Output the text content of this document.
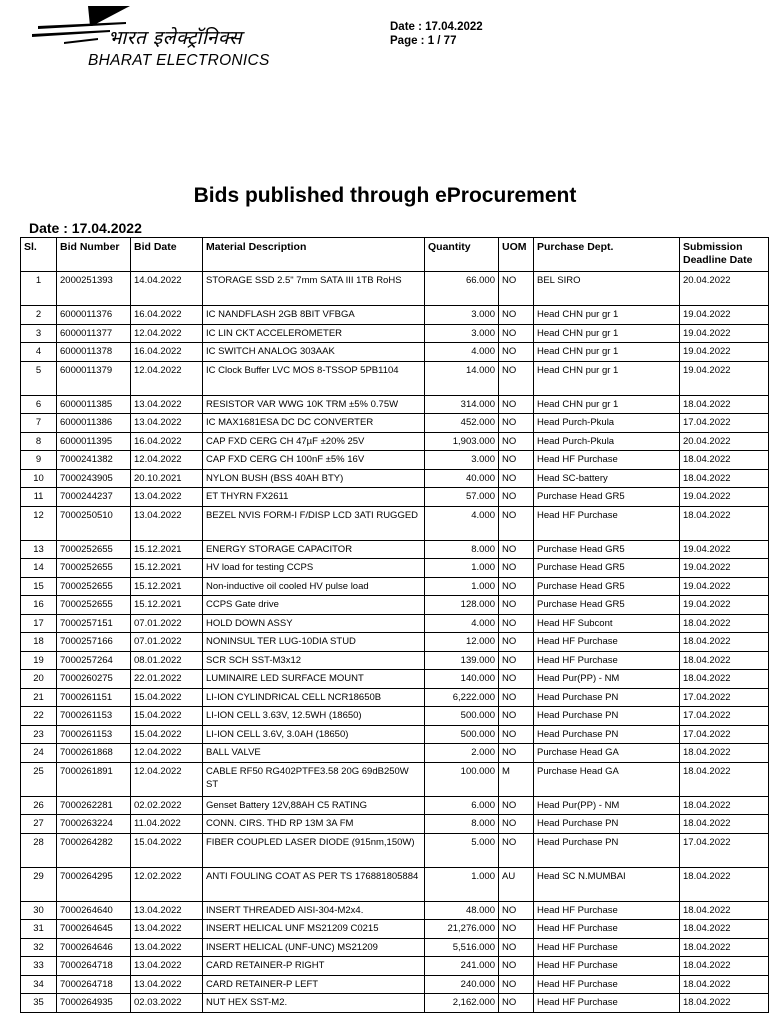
भारत इलेक्ट्रॉनिक्स
BHARAT ELECTRONICS
Date : 17.04.2022
Page : 1 / 77
Bids published through eProcurement
Date : 17.04.2022
Sl.	Bid Number	Bid Date	Material Description	Quantity	UOM	Purchase Dept.	Submission Deadline Date
1	2000251393	14.04.2022	STORAGE SSD 2.5" 7mm SATA III 1TB RoHS	66.000	NO	BEL SIRO	20.04.2022
2	6000011376	16.04.2022	IC NANDFLASH 2GB 8BIT VFBGA	3.000	NO	Head CHN pur gr 1	19.04.2022
3	6000011377	12.04.2022	IC LIN CKT ACCELEROMETER	3.000	NO	Head CHN pur gr 1	19.04.2022
4	6000011378	16.04.2022	IC SWITCH ANALOG 303AAK	4.000	NO	Head CHN pur gr 1	19.04.2022
5	6000011379	12.04.2022	IC Clock Buffer LVC MOS 8-TSSOP 5PB1104	14.000	NO	Head CHN pur gr 1	19.04.2022
6	6000011385	13.04.2022	RESISTOR VAR WWG 10K TRM ±5% 0.75W	314.000	NO	Head CHN pur gr 1	18.04.2022
7	6000011386	13.04.2022	IC MAX1681ESA DC DC CONVERTER	452.000	NO	Head Purch-Pkula	17.04.2022
8	6000011395	16.04.2022	CAP FXD CERG CH 47µF ±20% 25V	1,903.000	NO	Head Purch-Pkula	20.04.2022
9	7000241382	12.04.2022	CAP FXD CERG CH 100nF ±5% 16V	3.000	NO	Head HF Purchase	18.04.2022
10	7000243905	20.10.2021	NYLON BUSH (BSS 40AH BTY)	40.000	NO	Head SC-battery	18.04.2022
11	7000244237	13.04.2022	ET THYRN FX2611	57.000	NO	Purchase Head GR5	19.04.2022
12	7000250510	13.04.2022	BEZEL NVIS FORM-I F/DISP LCD 3ATI RUGGED	4.000	NO	Head HF Purchase	18.04.2022
13	7000252655	15.12.2021	ENERGY STORAGE CAPACITOR	8.000	NO	Purchase Head GR5	19.04.2022
14	7000252655	15.12.2021	HV load for testing CCPS	1.000	NO	Purchase Head GR5	19.04.2022
15	7000252655	15.12.2021	Non-inductive oil cooled HV pulse load	1.000	NO	Purchase Head GR5	19.04.2022
16	7000252655	15.12.2021	CCPS Gate drive	128.000	NO	Purchase Head GR5	19.04.2022
17	7000257151	07.01.2022	HOLD DOWN ASSY	4.000	NO	Head HF Subcont	18.04.2022
18	7000257166	07.01.2022	NONINSUL TER LUG-10DIA STUD	12.000	NO	Head HF Purchase	18.04.2022
19	7000257264	08.01.2022	SCR SCH SST-M3x12	139.000	NO	Head HF Purchase	18.04.2022
20	7000260275	22.01.2022	LUMINAIRE LED SURFACE MOUNT	140.000	NO	Head Pur(PP) - NM	18.04.2022
21	7000261151	15.04.2022	LI-ION CYLINDRICAL CELL NCR18650B	6,222.000	NO	Head Purchase PN	17.04.2022
22	7000261153	15.04.2022	LI-ION CELL 3.63V, 12.5WH (18650)	500.000	NO	Head Purchase PN	17.04.2022
23	7000261153	15.04.2022	LI-ION CELL 3.6V, 3.0AH (18650)	500.000	NO	Head Purchase PN	17.04.2022
24	7000261868	12.04.2022	BALL VALVE	2.000	NO	Purchase Head GA	18.04.2022
25	7000261891	12.04.2022	CABLE RF50 RG402PTFE3.58 20G 69dB250W ST	100.000	M	Purchase Head GA	18.04.2022
26	7000262281	02.02.2022	Genset Battery 12V,88AH C5 RATING	6.000	NO	Head Pur(PP) - NM	18.04.2022
27	7000263224	11.04.2022	CONN. CIRS. THD RP 13M 3A FM	8.000	NO	Head Purchase PN	18.04.2022
28	7000264282	15.04.2022	FIBER COUPLED LASER DIODE (915nm,150W)	5.000	NO	Head Purchase PN	17.04.2022
29	7000264295	12.02.2022	ANTI FOULING COAT AS PER TS 176881805884	1.000	AU	Head SC N.MUMBAI	18.04.2022
30	7000264640	13.04.2022	INSERT THREADED AISI-304-M2x4.	48.000	NO	Head HF Purchase	18.04.2022
31	7000264645	13.04.2022	INSERT HELICAL UNF MS21209 C0215	21,276.000	NO	Head HF Purchase	18.04.2022
32	7000264646	13.04.2022	INSERT HELICAL (UNF-UNC) MS21209	5,516.000	NO	Head HF Purchase	18.04.2022
33	7000264718	13.04.2022	CARD RETAINER-P RIGHT	241.000	NO	Head HF Purchase	18.04.2022
34	7000264718	13.04.2022	CARD RETAINER-P LEFT	240.000	NO	Head HF Purchase	18.04.2022
35	7000264935	02.03.2022	NUT HEX SST-M2.	2,162.000	NO	Head HF Purchase	18.04.2022
